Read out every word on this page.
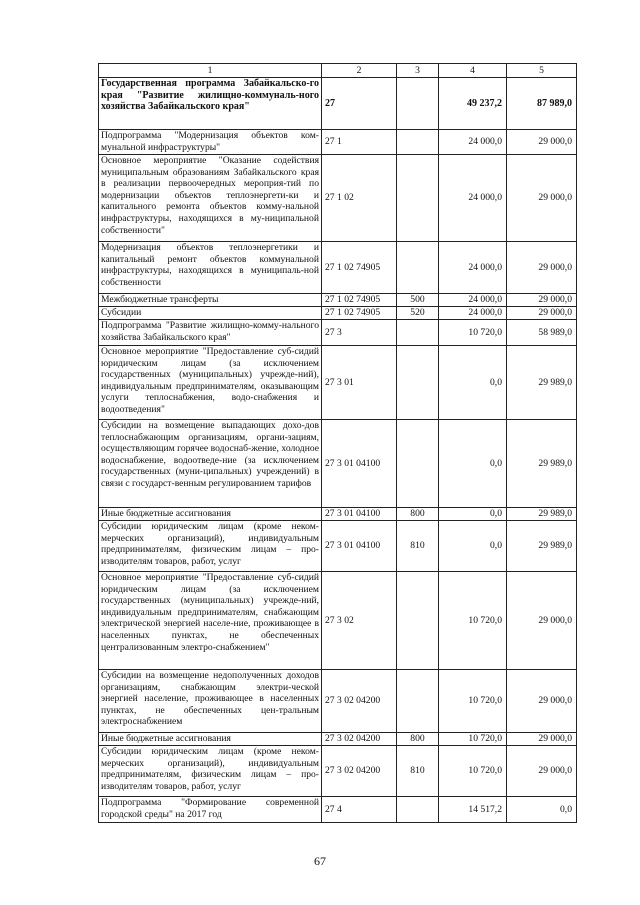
1	2	3	4	5
Государственная программа Забайкальско-го края "Развитие жилищно-коммуналь-ного хозяйства Забайкальского края"	27		49 237,2	87 989,0
Подпрограмма "Модернизация объектов ком-мунальной инфраструктуры"	27 1		24 000,0	29 000,0
Основное мероприятие "Оказание содействия муниципальным образованиям Забайкальского края в реализации первоочередных мероприя-тий по модернизации объектов теплоэнергети-ки и капитального ремонта объектов комму-нальной инфраструктуры, находящихся в му-ниципальной собственности"	27 1 02		24 000,0	29 000,0
Модернизация объектов теплоэнергетики и капитальный ремонт объектов коммунальной инфраструктуры, находящихся в муниципаль-ной собственности	27 1 02 74905		24 000,0	29 000,0
Межбюджетные трансферты	27 1 02 74905	500	24 000,0	29 000,0
Субсидии	27 1 02 74905	520	24 000,0	29 000,0
Подпрограмма "Развитие жилищно-комму-нального хозяйства Забайкальского края"	27 3		10 720,0	58 989,0
Основное мероприятие "Предоставление суб-сидий юридическим лицам (за исключением государственных (муниципальных) учрежде-ний), индивидуальным предпринимателям, оказывающим услуги теплоснабжения, водо-снабжения и водоотведения"	27 3 01		0,0	29 989,0
Субсидии на возмещение выпадающих дохо-дов теплоснабжающим организациям, органи-зациям, осуществляющим горячее водоснаб-жение, холодное водоснабжение, водоотведе-ние (за исключением государственных (муни-ципальных) учреждений) в связи с государст-венным регулированием тарифов	27 3 01 04100		0,0	29 989,0
Иные бюджетные ассигнования	27 3 01 04100	800	0,0	29 989,0
Субсидии юридическим лицам (кроме неком-мерческих организаций), индивидуальным предпринимателям, физическим лицам – про-изводителям товаров, работ, услуг	27 3 01 04100	810	0,0	29 989,0
Основное мероприятие "Предоставление суб-сидий юридическим лицам (за исключением государственных (муниципальных) учрежде-ний, индивидуальным предпринимателям, снабжающим электрической энергией населе-ние, проживающее в населенных пунктах, не обеспеченных централизованным электро-снабжением"	27 3 02		10 720,0	29 000,0
Субсидии на возмещение недополученных доходов организациям, снабжающим электри-ческой энергией население, проживающее в населенных пунктах, не обеспеченных цен-тральным электроснабжением	27 3 02 04200		10 720,0	29 000,0
Иные бюджетные ассигнования	27 3 02 04200	800	10 720,0	29 000,0
Субсидии юридическим лицам (кроме неком-мерческих организаций), индивидуальным предпринимателям, физическим лицам – про-изводителям товаров, работ, услуг	27 3 02 04200	810	10 720,0	29 000,0
Подпрограмма "Формирование современной городской среды" на 2017 год	27 4		14 517,2	0,0
67
